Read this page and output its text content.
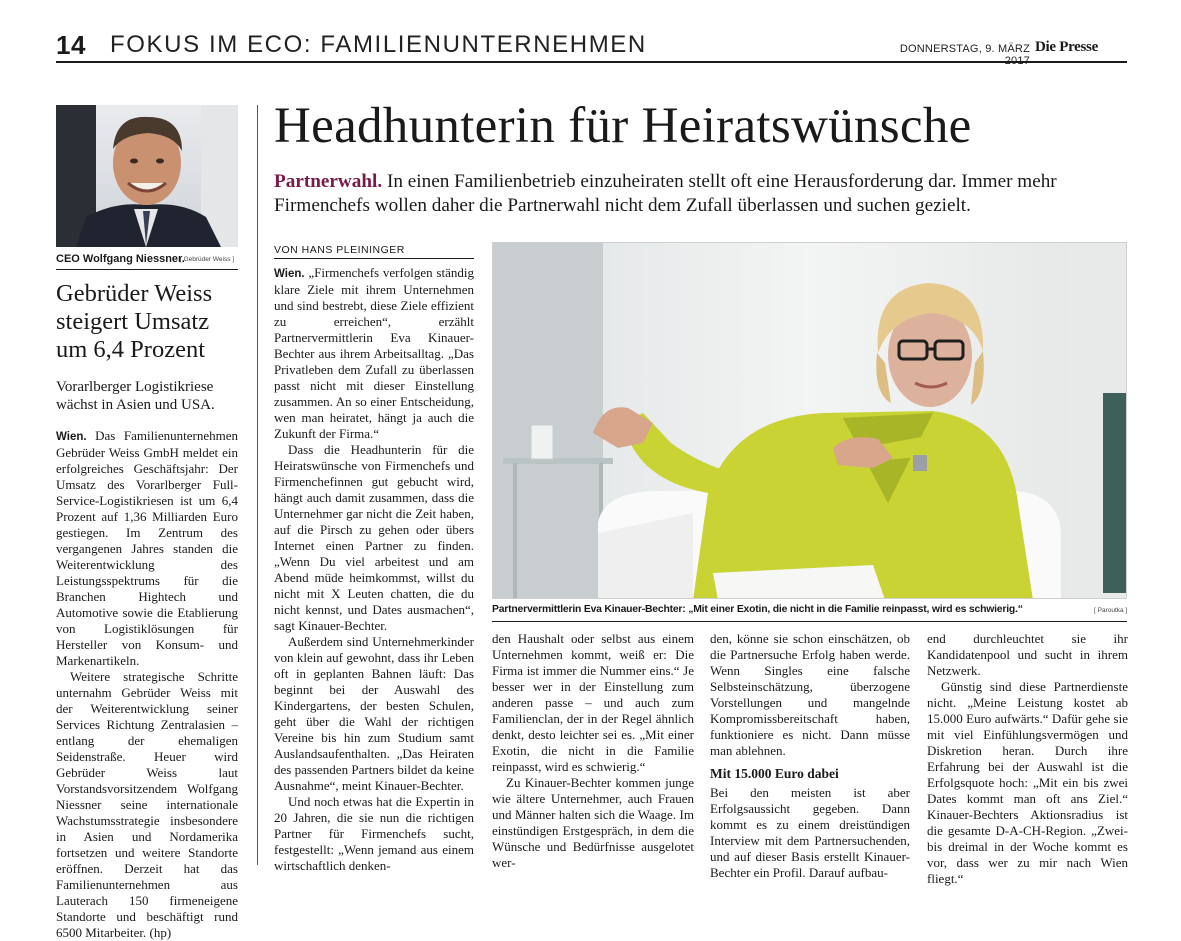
14 FOKUS IM ECO: FAMILIENUNTERNEHMEN	DONNERSTAG, 9. MÄRZ Die Presse
CEO Wolfgang Niessner.
[ Gebrüder Weiss ]
Gebrüder Weiss steigert Umsatz um 6,4 Prozent
Vorarlberger Logistikriese wächst in Asien und USA.

Wien. Das Familienunternehmen Gebrüder Weiss GmbH meldet ein erfolgreiches Geschäftsjahr: Der Umsatz des Vorarlberger Full-Service-Logistikriesen ist um 6,4 Prozent auf 1,36 Milliarden Euro gestiegen. Im Zentrum des vergangenen Jahres standen die Weiterentwicklung des Leistungsspektrums für die Branchen Hightech und Automotive sowie die Etablierung von Logistiklösungen für Hersteller von Konsum- und Markenartikeln.

Weitere strategische Schritte unternahm Gebrüder Weiss mit der Weiterentwicklung seiner Services Richtung Zentralasien – entlang der ehemaligen Seidenstraße. Heuer wird Gebrüder Weiss laut Vorstandsvorsitzendem Wolfgang Niessner seine internationale Wachstumsstrategie insbesondere in Asien und Nordamerika fortsetzen und weitere Standorte eröffnen. Derzeit hat das Familienunternehmen aus Lauterach 150 firmeneigene Standorte und beschäftigt rund 6500 Mitarbeiter. (hp)

Headhunterin für Heiratswünsche
Partnerwahl. In einen Familienbetrieb einzuheiraten stellt oft eine Herausforderung dar. Immer mehr Firmenchefs wollen daher die Partnerwahl nicht dem Zufall überlassen und suchen gezielt.
VON HANS PLEININGER

Wien. „Firmenchefs verfolgen ständig klare Ziele mit ihrem Unternehmen und sind bestrebt, diese Ziele effizient zu erreichen“, erzählt Partnervermittlerin Eva Kinauer-Bechter aus ihrem Arbeitsalltag. „Das Privatleben dem Zufall zu überlassen passt nicht mit dieser Einstellung zusammen. An so einer Entscheidung, wen man heiratet, hängt ja auch die Zukunft der Firma.“

Dass die Headhunterin für die Heiratswünsche von Firmenchefs und Firmenchefinnen gut gebucht wird, hängt auch damit zusammen, dass die Unternehmer gar nicht die Zeit haben, auf die Pirsch zu gehen oder übers Internet einen Partner zu finden. „Wenn Du viel arbeitest und am Abend müde heimkommst, willst du nicht mit X Leuten chatten, die du nicht kennst, und Dates ausmachen“, sagt Kinauer-Bechter.

Außerdem sind Unternehmerkinder von klein auf gewohnt, dass ihr Leben oft in geplanten Bahnen läuft: Das beginnt bei der Auswahl des Kindergartens, der besten Schulen, geht über die Wahl der richtigen Vereine bis hin zum Studium samt Auslandsaufenthalten. „Das Heiraten des passenden Partners bildet da keine Ausnahme“, meint Kinauer-Bechter.

Und noch etwas hat die Expertin in 20 Jahren, die sie nun die richtigen Partner für Firmenchefs sucht, festgestellt: „Wenn jemand aus einem wirtschaftlich denken-

Partnervermittlerin Eva Kinauer-Bechter: „Mit einer Exotin, die nicht in die Familie reinpasst, wird es schwierig.“	[ Paroutka ]

den Haushalt oder selbst aus einem Unternehmen kommt, weiß er: Die Firma ist immer die Nummer eins.“ Je besser wer in der Einstellung zum anderen passe – und auch zum Familienclan, der in der Regel ähnlich denkt, desto leichter sei es. „Mit einer Exotin, die nicht in die Familie reinpasst, wird es schwierig.“

Zu Kinauer-Bechter kommen junge wie ältere Unternehmer, auch Frauen und Männer halten sich die Waage. Im einstündigen Erstgespräch, in dem die Wünsche und Bedürfnisse ausgelotet wer-

den, könne sie schon einschätzen, ob die Partnersuche Erfolg haben werde. Wenn Singles eine falsche Selbsteinschätzung, überzogene Vorstellungen und mangelnde Kompromissbereitschaft haben, funktioniere es nicht. Dann müsse man ablehnen.

Mit 15.000 Euro dabei

Bei den meisten ist aber Erfolgsaussicht gegeben. Dann kommt es zu einem dreistündigen Interview mit dem Partnersuchenden, und auf dieser Basis erstellt Kinauer-Bechter ein Profil. Darauf aufbau-

end durchleuchtet sie ihr Kandidatenpool und sucht in ihrem Netzwerk.

Günstig sind diese Partnerdienste nicht. „Meine Leistung kostet ab 15.000 Euro aufwärts.“ Dafür gehe sie mit viel Einfühlungsvermögen und Diskretion heran. Durch ihre Erfahrung bei der Auswahl ist die Erfolgsquote hoch: „Mit ein bis zwei Dates kommt man oft ans Ziel.“ Kinauer-Bechters Aktionsradius ist die gesamte D-A-CH-Region. „Zwei- bis dreimal in der Woche kommt es vor, dass wer zu mir nach Wien fliegt.“
